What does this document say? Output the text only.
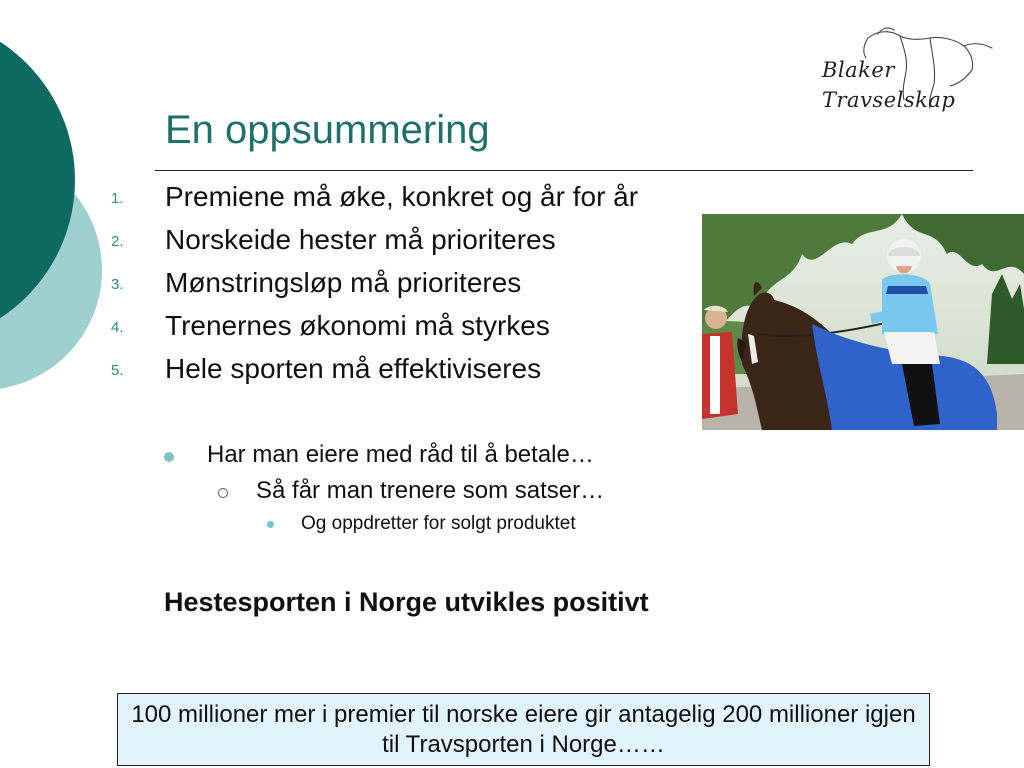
Blaker
Travselskap
En oppsummering
1. Premiene må øke, konkret og år for år
2. Norskeide hester må prioriteres
3. Mønstringsløp må prioriteres
4. Trenernes økonomi må styrkes
5. Hele sporten må effektiviseres
Har man eiere med råd til å betale…
Så får man trenere som satser…
Og oppdretter for solgt produktet
Hestesporten i Norge utvikles positivt
100 millioner mer i premier til norske eiere gir antagelig 200 millioner igjen til Travsporten i Norge……
